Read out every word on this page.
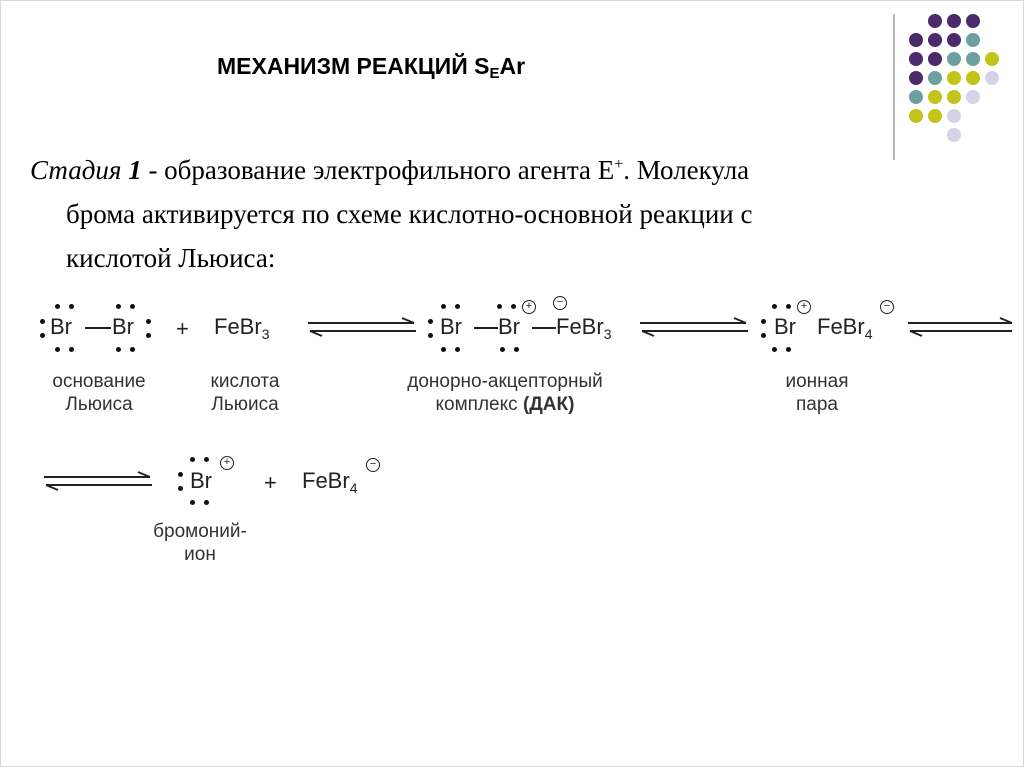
МЕХАНИЗМ РЕАКЦИЙ $S_EAr$
Стадия 1 - образование электрофильного агента Е+. Молекула
брома активируется по схеме кислотно-основной реакции с
кислотой Льюиса:
Br Br + FeBr$_3$	Br Br FeBr$_3$
+	−
Br FeBr$_4$
+	−
основание
Льюиса
кислота
Льюиса
донорно-акцепторный
комплекс (ДАК)
ионная
пара
Br
+
+ FeBr$_4$
−
бромоний-
ион
